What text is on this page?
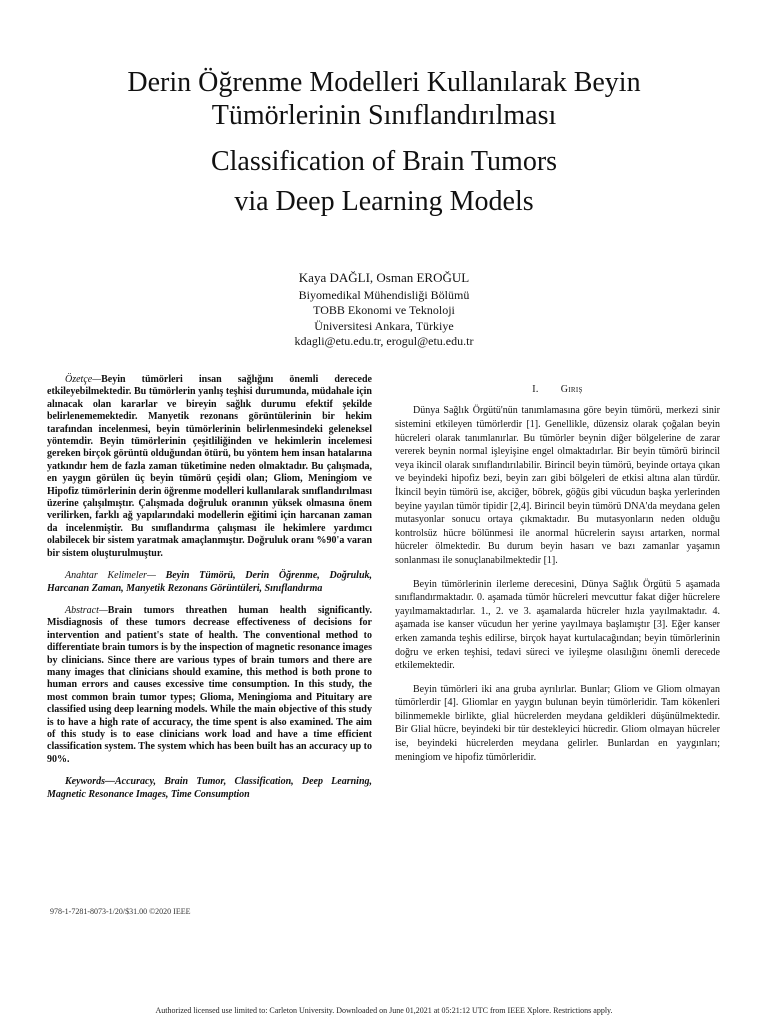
Derin Öğrenme Modelleri Kullanılarak Beyin
Tümörlerinin Sınıflandırılması
Classification of Brain Tumors
via Deep Learning Models
Kaya DAĞLI, Osman EROĞUL
Biyomedikal Mühendisliği Bölümü
TOBB Ekonomi ve Teknoloji
Üniversitesi Ankara, Türkiye
kdagli@etu.edu.tr, erogul@etu.edu.tr

Özetçe—Beyin tümörleri insan sağlığını önemli derecede etkileyebilmektedir. Bu tümörlerin yanlış teşhisi durumunda, müdahale için alınacak olan kararlar ve bireyin sağlık durumu efektif şekilde belirlenememektedir. Manyetik rezonans görüntülerinin bir hekim tarafından incelenmesi, beyin tümörlerinin belirlenmesindeki geleneksel yöntemdir. Beyin tümörlerinin çeşitliliğinden ve hekimlerin incelemesi gereken birçok görüntü olduğundan ötürü, bu yöntem hem insan hatalarına yatkındır hem de fazla zaman tüketimine neden olmaktadır. Bu çalışmada, en yaygın görülen üç beyin tümörü çeşidi olan; Gliom, Meningiom ve Hipofiz tümörlerinin derin öğrenme modelleri kullanılarak sınıflandırılması üzerine çalışılmıştır. Çalışmada doğruluk oranının yüksek olmasına önem verilirken, farklı ağ yapılarındaki modellerin eğitimi için harcanan zaman da incelenmiştir. Bu sınıflandırma çalışması ile hekimlere yardımcı olabilecek bir sistem yaratmak amaçlanmıştır. Doğruluk oranı %90'a varan bir sistem oluşturulmuştur.

Anahtar Kelimeler— Beyin Tümörü, Derin Öğrenme, Doğruluk, Harcanan Zaman, Manyetik Rezonans Görüntüleri, Sınıflandırma

Abstract—Brain tumors threathen human health significantly. Misdiagnosis of these tumors decrease effectiveness of decisions for intervention and patient's state of health. The conventional method to differentiate brain tumors is by the inspection of magnetic resonance images by clinicians. Since there are various types of brain tumors and there are many images that clinicians should examine, this method is both prone to human errors and causes excessive time consumption. In this study, the most common brain tumor types; Glioma, Meningioma and Pituitary are classified using deep learning models. While the main objective of this study is to have a high rate of accuracy, the time spent is also examined. The aim of this study is to ease clinicians work load and have a time efficient classification system. The system which has been built has an accuracy up to 90%.

Keywords—Accuracy, Brain Tumor, Classification, Deep Learning, Magnetic Resonance Images, Time Consumption

I. Giriş

Dünya Sağlık Örgütü'nün tanımlamasına göre beyin tümörü, merkezi sinir sistemini etkileyen tümörlerdir [1]. Genellikle, düzensiz olarak çoğalan beyin hücreleri olarak tanımlanırlar. Bu tümörler beynin diğer bölgelerine de zarar vererek beynin normal işleyişine engel olmaktadırlar. Bir beyin tümörü birincil veya ikincil olarak sınıflandırılabilir. Birincil beyin tümörü, beyinde ortaya çıkan ve beyindeki hipofiz bezi, beyin zarı gibi bölgeleri de etkisi altına alan türdür. İkincil beyin tümörü ise, akciğer, böbrek, göğüs gibi vücudun başka yerlerinden beyine yayılan tümör tipidir [2,4]. Birincil beyin tümörü DNA'da meydana gelen mutasyonlar sonucu ortaya çıkmaktadır. Bu mutasyonların neden olduğu kontrolsüz hücre bölünmesi ile anormal hücrelerin sayısı artarken, normal hücreler ölmektedir. Bu durum beyin hasarı ve bazı zamanlar yaşamın sonlanması ile sonuçlanabilmektedir [1].

Beyin tümörlerinin ilerleme derecesini, Dünya Sağlık Örgütü 5 aşamada sınıflandırmaktadır. 0. aşamada tümör hücreleri mevcuttur fakat diğer hücrelere yayılmamaktadırlar. 1., 2. ve 3. aşamalarda hücreler hızla yayılmaktadır. 4. aşamada ise kanser vücudun her yerine yayılmaya başlamıştır [3]. Eğer kanser erken zamanda teşhis edilirse, birçok hayat kurtulacağından; beyin tümörlerinin doğru ve erken teşhisi, tedavi süreci ve iyileşme olasılığını önemli derecede etkilemektedir.

Beyin tümörleri iki ana gruba ayrılırlar. Bunlar; Gliom ve Gliom olmayan tümörlerdir [4]. Gliomlar en yaygın bulunan beyin tümörleridir. Tam kökenleri bilinmemekle birlikte, glial hücrelerden meydana geldikleri düşünülmektedir. Bir Glial hücre, beyindeki bir tür destekleyici hücredir. Gliom olmayan hücreler ise, beyindeki hücrelerden meydana gelirler. Bunlardan en yaygınları; meningiom ve hipofiz tümörleridir.

978-1-7281-8073-1/20/$31.00 ©2020 IEEE
Authorized licensed use limited to: Carleton University. Downloaded on June 01,2021 at 05:21:12 UTC from IEEE Xplore. Restrictions apply.
